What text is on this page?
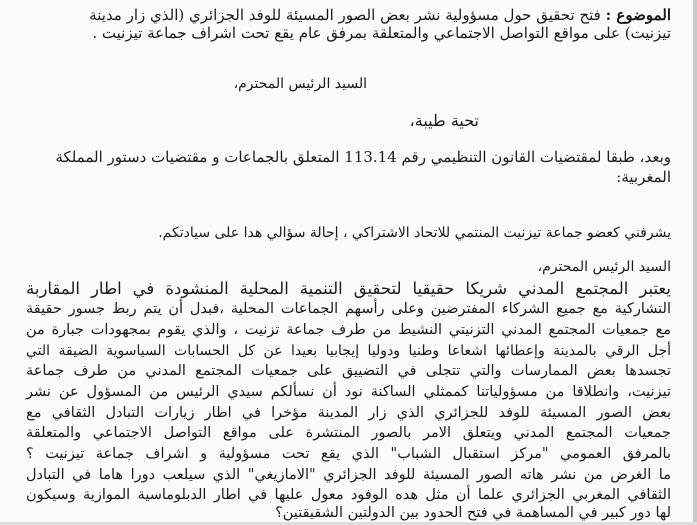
الموضوع : فتح تحقيق حول مسؤولية نشر بعض الصور المسيئة للوفد الجزائري (الذي زار مدينة
تيزنيت) على مواقع التواصل الاجتماعي والمتعلقة بمرفق عام يقع تحت اشراف جماعة تيزنيت .
السيد الرئيس المحترم،
تحية طيبة،
وبعد، طبقا لمقتضيات القانون التنظيمي رقم 113.14 المتعلق بالجماعات و مقتضيات دستور المملكة
المغربية:
يشرفني كعضو جماعة تيزنيت المنتمي للاتحاد الاشتراكي ، إحالة سؤالي هدا على سيادتكم.
السيد الرئيس المحترم،
يعتبر المجتمع المدني شريكا حقيقيا لتحقيق التنمية المحلية المنشودة في اطار المقاربة
التشاركية مع جميع الشركاء المفترضين وعلى رأسهم الجماعات المحلية ،فبدل أن يتم ربط جسور حقيقة
مع جمعيات المجتمع المدني التزنيتي النشيط من طرف جماعة تزنيت ، والذي يقوم بمجهودات جبارة من
أجل الرقي بالمدينة وإعطائها اشعاعا وطنيا ودوليا إيجابيا بعيدا عن كل الحسابات السياسوية الضيقة التي
تجسدها بعض الممارسات والتي تتجلى في التضييق على جمعيات المجتمع المدني من طرف جماعة
تيزنيت، وانطلاقا من مسؤولياتنا كممثلي الساكنة نود أن نسألكم سيدي الرئيس من المسؤول عن نشر
بعض الصور المسيئة للوفد للجزائري الذي زار المدينة مؤخرا في اطار زيارات التبادل الثقافي مع
جمعيات المجتمع المدني ويتعلق الامر بالصور المنتشرة على مواقع التواصل الاجتماعي والمتعلقة
بالمرفق العمومي "مركز استقبال الشباب" الذي يقع تحت مسؤولية و اشراف جماعة تيزنيت ؟
ما الغرض من نشر هاته الصور المسيئة للوفد الجزائري "الامازيغي" الذي سيلعب دورا هاما في التبادل
الثقافي المغربي الجزائري علما أن مثل هده الوفود معول عليها في اطار الدبلوماسية الموازية وسيكون
لها دور كبير في المساهمة في فتح الحدود بين الدولتين الشقيقتين؟
